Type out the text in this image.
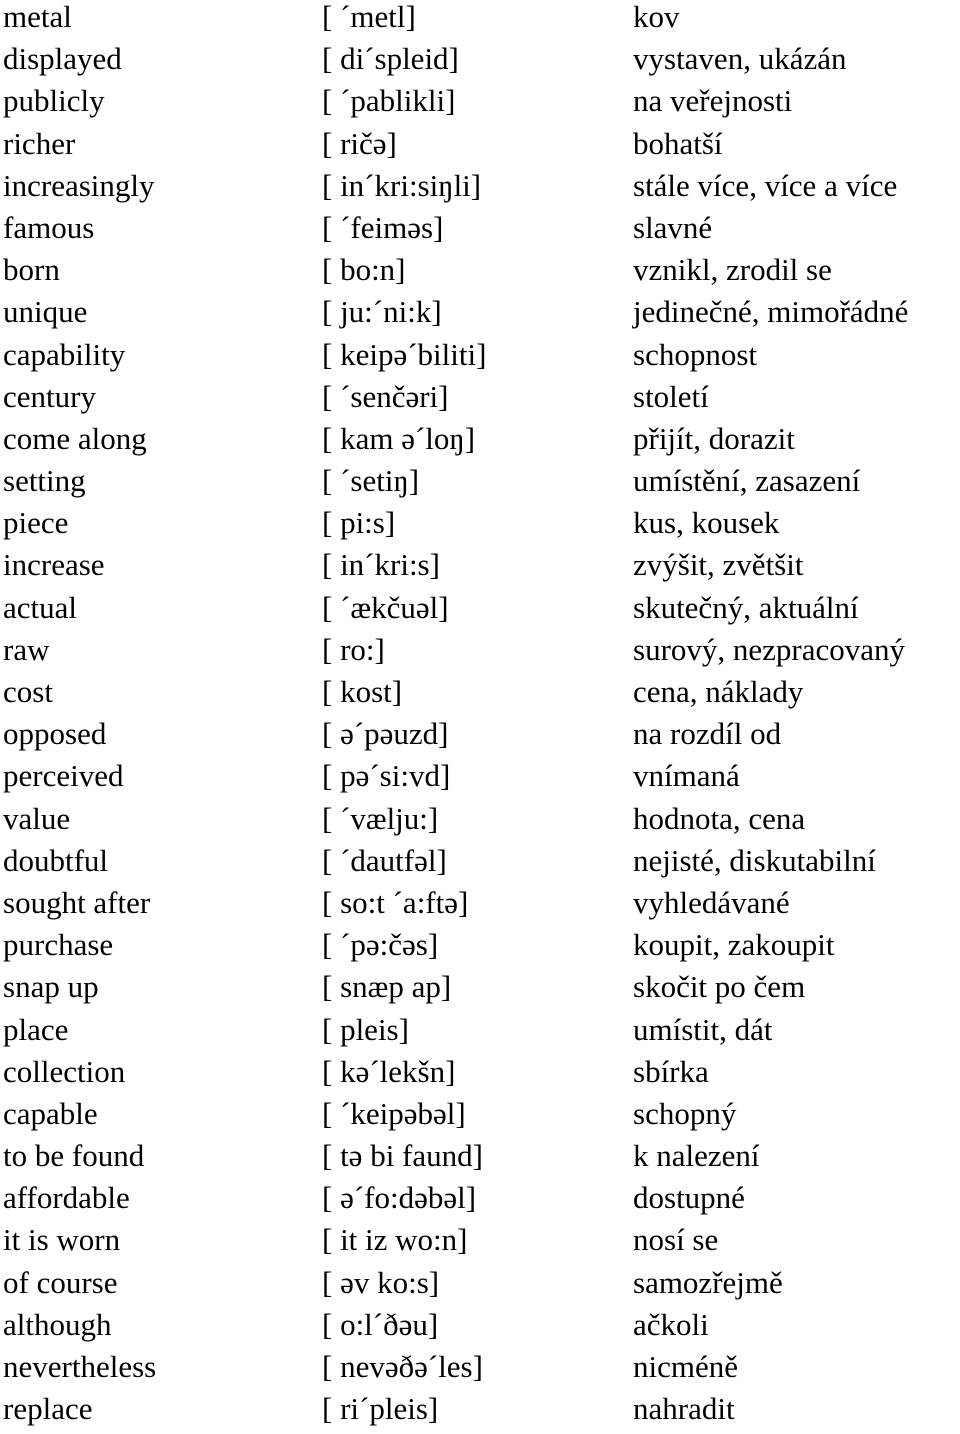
metal	[ ´metl]	kov
displayed	[ di´spleid]	vystaven, ukázán
publicly	[ ´pablikli]	na veřejnosti
richer	[ ričə]	bohatší
increasingly	[ in´kri:siŋli]	stále více, více a více
famous	[ ´feiməs]	slavné
born	[ bo:n]	vznikl, zrodil se
unique	[ ju:´ni:k]	jedinečné, mimořádné
capability	[ keipə´biliti]	schopnost
century	[ ´senčəri]	století
come along	[ kam ə´loŋ]	přijít, dorazit
setting	[ ´setiŋ]	umístění, zasazení
piece	[ pi:s]	kus, kousek
increase	[ in´kri:s]	zvýšit, zvětšit
actual	[ ´ækčuəl]	skutečný, aktuální
raw	[ ro:]	surový, nezpracovaný
cost	[ kost]	cena, náklady
opposed	[ ə´pəuzd]	na rozdíl od
perceived	[ pə´si:vd]	vnímaná
value	[ ´vælju:]	hodnota, cena
doubtful	[ ´dautfəl]	nejisté, diskutabilní
sought after	[ so:t ´a:ftə]	vyhledávané
purchase	[ ´pə:čəs]	koupit, zakoupit
snap up	[ snæp ap]	skočit po čem
place	[ pleis]	umístit, dát
collection	[ kə´lekšn]	sbírka
capable	[ ´keipəbəl]	schopný
to be found	[ tə bi faund]	k nalezení
affordable	[ ə´fo:dəbəl]	dostupné
it is worn	[ it iz wo:n]	nosí se
of course	[ əv ko:s]	samozřejmě
although	[ o:l´ðəu]	ačkoli
nevertheless	[ nevəðə´les]	nicméně
replace	[ ri´pleis]	nahradit
